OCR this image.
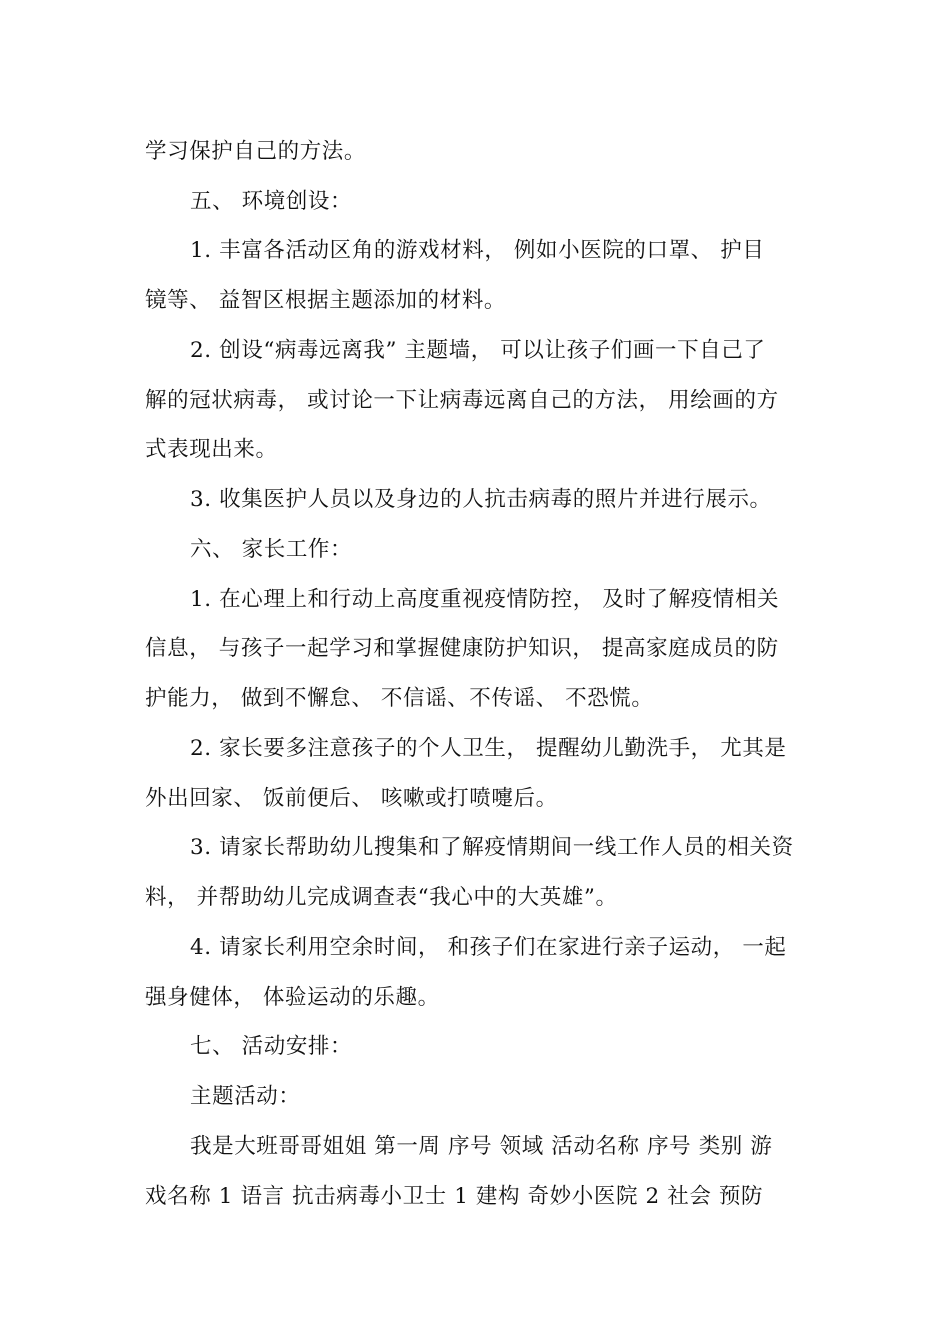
学习保护自己的方法。
五、 环境创设：
1. 丰富各活动区角的游戏材料， 例如小医院的口罩、 护目
镜等、 益智区根据主题添加的材料。
2. 创设“病毒远离我” 主题墙， 可以让孩子们画一下自己了
解的冠状病毒， 或讨论一下让病毒远离自己的方法， 用绘画的方
式表现出来。
3. 收集医护人员以及身边的人抗击病毒的照片并进行展示。
六、 家长工作：
1. 在心理上和行动上高度重视疫情防控， 及时了解疫情相关
信息， 与孩子一起学习和掌握健康防护知识， 提高家庭成员的防
护能力， 做到不懈怠、 不信谣、不传谣、 不恐慌。
2. 家长要多注意孩子的个人卫生， 提醒幼儿勤洗手， 尤其是
外出回家、 饭前便后、 咳嗽或打喷嚏后。
3. 请家长帮助幼儿搜集和了解疫情期间一线工作人员的相关资
料， 并帮助幼儿完成调查表“我心中的大英雄”。
4. 请家长利用空余时间， 和孩子们在家进行亲子运动， 一起
强身健体， 体验运动的乐趣。
七、 活动安排：
主题活动：
我是大班哥哥姐姐 第一周 序号 领域 活动名称 序号 类别 游
戏名称 1 语言 抗击病毒小卫士 1 建构 奇妙小医院 2 社会 预防
